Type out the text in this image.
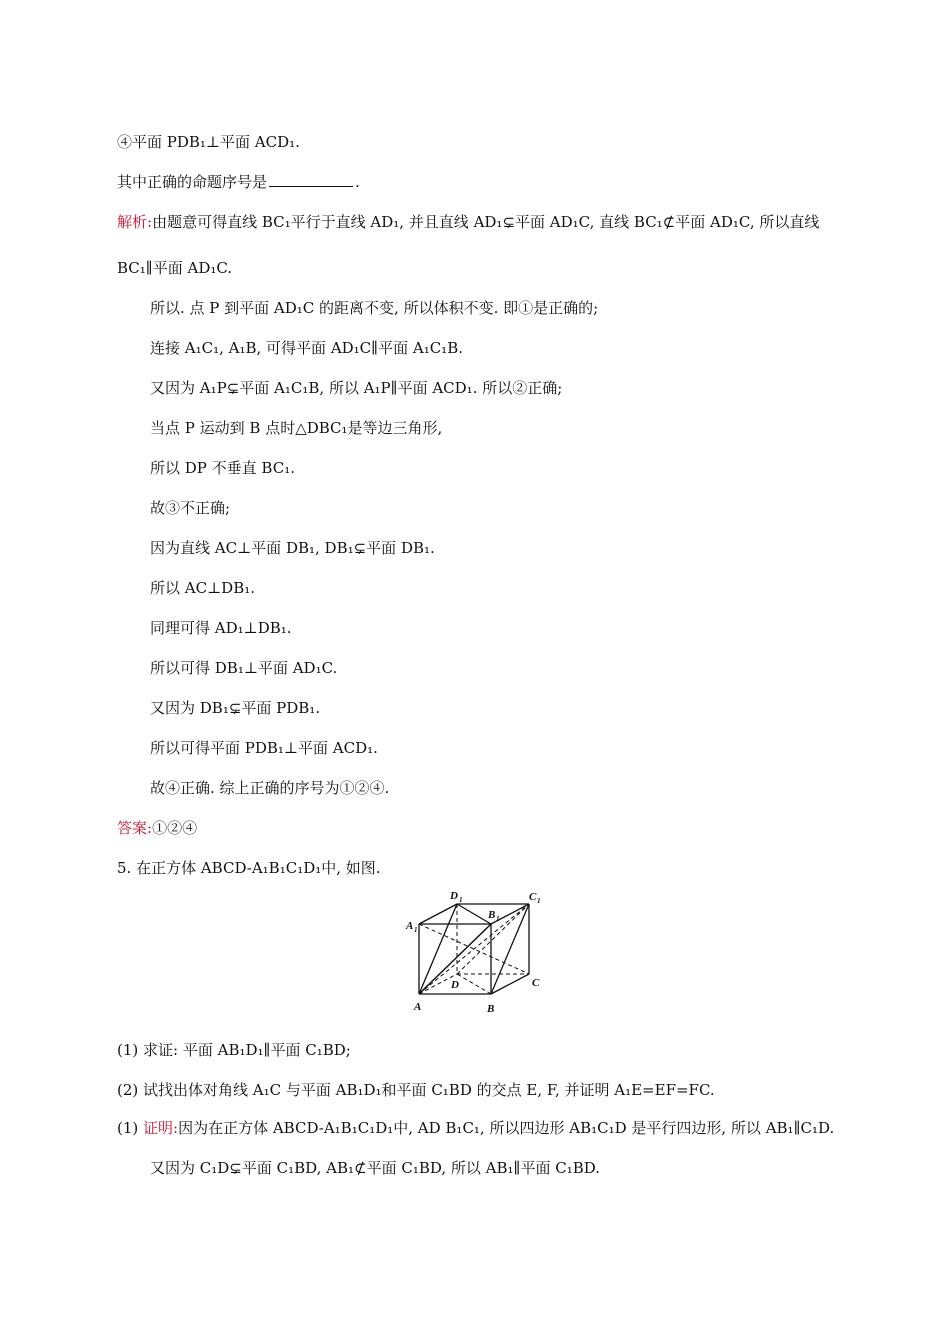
④平面 PDB₁⊥平面 ACD₁.
其中正确的命题序号是	.
解析:由题意可得直线 BC₁平行于直线 AD₁, 并且直线 AD₁⊊平面 AD₁C, 直线 BC₁⊄平面 AD₁C, 所以直线
BC₁∥平面 AD₁C.
所以. 点 P 到平面 AD₁C 的距离不变, 所以体积不变. 即①是正确的;
连接 A₁C₁, A₁B, 可得平面 AD₁C∥平面 A₁C₁B.
又因为 A₁P⊊平面 A₁C₁B, 所以 A₁P∥平面 ACD₁. 所以②正确;
当点 P 运动到 B 点时△DBC₁是等边三角形,
所以 DP 不垂直 BC₁.
故③不正确;
因为直线 AC⊥平面 DB₁, DB₁⊊平面 DB₁.
所以 AC⊥DB₁.
同理可得 AD₁⊥DB₁.
所以可得 DB₁⊥平面 AD₁C.
又因为 DB₁⊊平面 PDB₁.
所以可得平面 PDB₁⊥平面 ACD₁.
故④正确. 综上正确的序号为①②④.
答案:①②④
5. 在正方体 ABCD-A₁B₁C₁D₁中, 如图.
(1) 求证: 平面 AB₁D₁∥平面 C₁BD;
(2) 试找出体对角线 A₁C 与平面 AB₁D₁和平面 C₁BD 的交点 E, F, 并证明 A₁E=EF=FC.
(1) 证明:因为在正方体 ABCD-A₁B₁C₁D₁中, AD B₁C₁, 所以四边形 AB₁C₁D 是平行四边形, 所以 AB₁∥C₁D.
又因为 C₁D⊊平面 C₁BD, AB₁⊄平面 C₁BD, 所以 AB₁∥平面 C₁BD.
A	B
C
D
A 1
B 1
C 1
D 1
